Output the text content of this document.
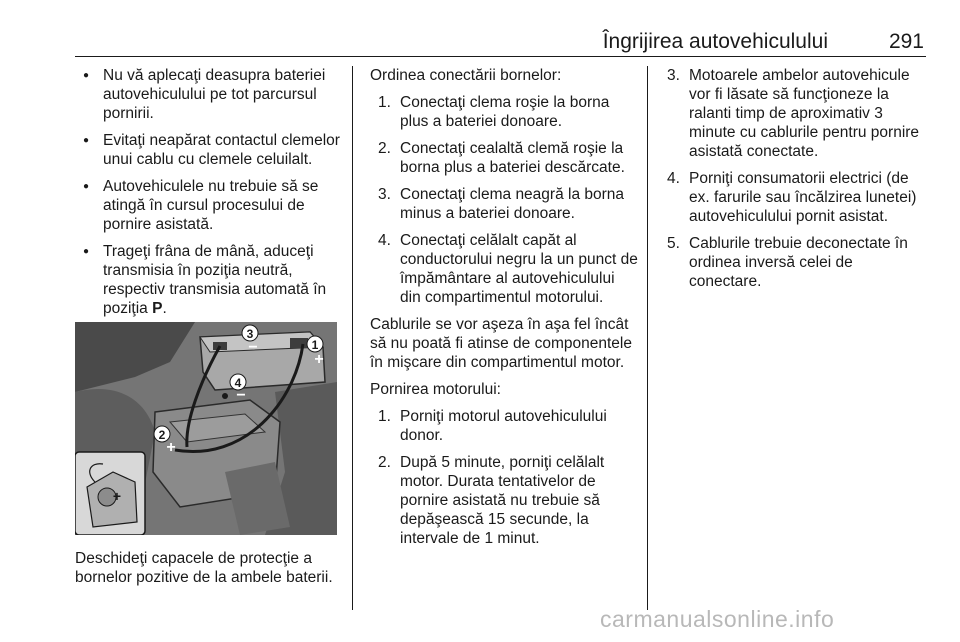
Îngrijirea autovehiculului	291
● Nu vă aplecaţi deasupra bateriei autovehiculului pe tot parcursul pornirii.
● Evitaţi neapărat contactul clemelor unui cablu cu clemele celuilalt.
● Autovehiculele nu trebuie să se atingă în cursul procesului de pornire asistată.
● Trageţi frâna de mână, aduceţi transmisia în poziţia neutră, respectiv transmisia automată în poziţia P.
1
2
3
4
+
+
+
−
−
Deschideţi capacele de protecţie a bornelor pozitive de la ambele baterii.

Ordinea conectării bornelor:

1. Conectaţi clema roşie la borna plus a bateriei donoare.
2. Conectaţi cealaltă clemă roşie la borna plus a bateriei descărcate.
3. Conectaţi clema neagră la borna minus a bateriei donoare.
4. Conectaţi celălalt capăt al conductorului negru la un punct de împământare al autovehiculului din compartimentul motorului.

Cablurile se vor aşeza în aşa fel încât să nu poată fi atinse de componentele în mişcare din compartimentul motor.

Pornirea motorului:

1. Porniţi motorul autovehiculului donor.
2. După 5 minute, porniţi celălalt motor. Durata tentativelor de pornire asistată nu trebuie să depăşească 15 secunde, la intervale de 1 minut.
3. Motoarele ambelor autovehicule vor fi lăsate să funcţioneze la ralanti timp de aproximativ 3 minute cu cablurile pentru pornire asistată conectate.
4. Porniţi consumatorii electrici (de ex. farurile sau încălzirea lunetei) autovehiculului pornit asistat.
5. Cablurile trebuie deconectate în ordinea inversă celei de conectare.
carmanualsonline.info
